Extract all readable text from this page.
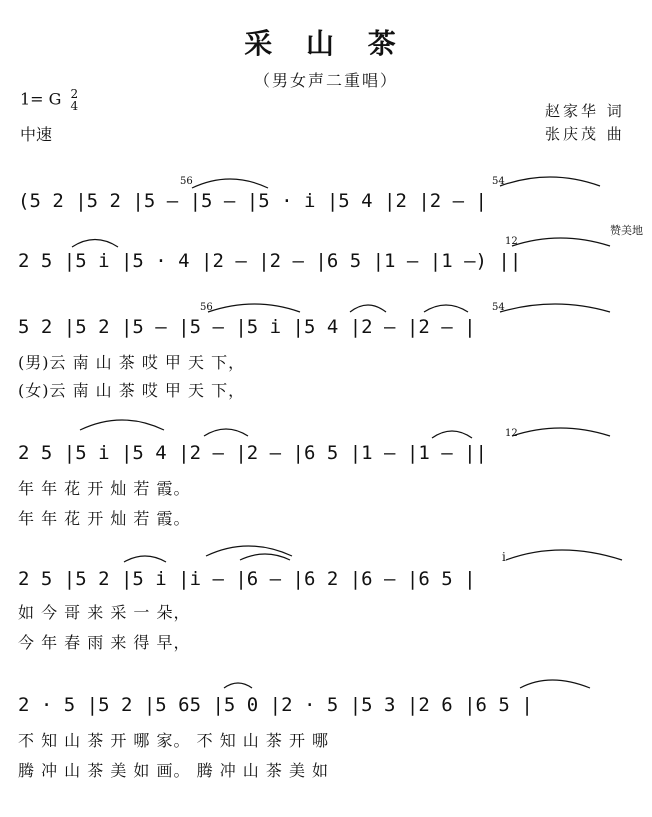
采 山 茶
（男女声二重唱）
1= G 2
4
中速
赵家华 词
张庆茂 曲
赞美地
(5 2 |5 2 |5 – |5 – |5 · i |5 4 |2 |2 – |
56	54
2 5 |5 i |5 · 4 |2 – |2 – |6 5 |1 – |1 –) ||
12
5 2 |5 2 |5 – |5 – |5 i |5 4 |2 – |2 – |
56	54
(男)云 南 山 茶 哎 甲 天 下，
(女)云 南 山 茶 哎 甲 天 下，
2 5 |5 i |5 4 |2 – |2 – |6 5 |1 – |1 – ||
12
年 年 花 开 灿 若 霞。
年 年 花 开 灿 若 霞。
2 5 |5 2 |5 i |i – |6 – |6 2 |6 – |6 5 |
i
如 今 哥 来 采 一 朵，
今 年 春 雨 来 得 早，
2 · 5 |5 2 |5 65 |5 0 |2 · 5 |5 3 |2 6 |6 5 |
不 知 山 茶 开 哪 家。 不 知 山 茶 开 哪
腾 冲 山 茶 美 如 画。 腾 冲 山 茶 美 如
